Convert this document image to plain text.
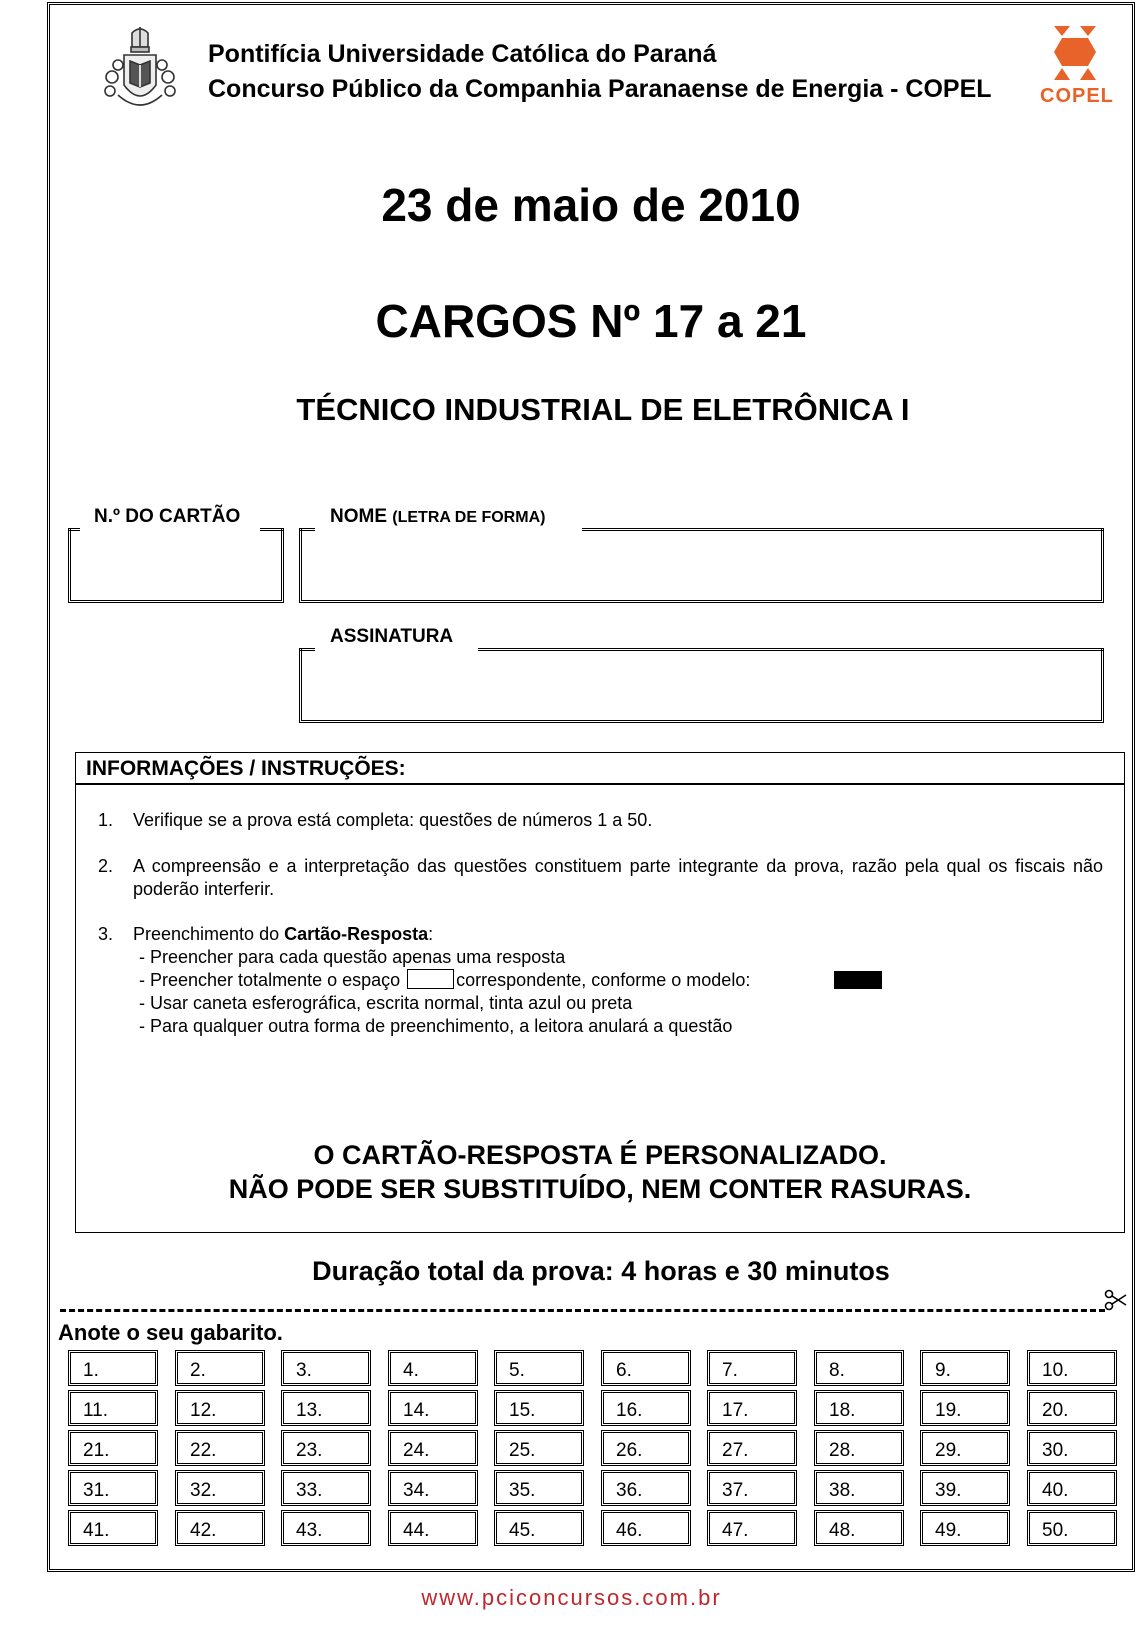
Pontifícia Universidade Católica do Paraná
Concurso Público da Companhia Paranaense de Energia - COPEL COPEL
23 de maio de 2010
CARGOS Nº 17 a 21
TÉCNICO INDUSTRIAL DE ELETRÔNICA I
N.º DO CARTÃO	NOME (LETRA DE FORMA)
ASSINATURA
INFORMAÇÕES / INSTRUÇÕES:
1. Verifique se a prova está completa: questões de números 1 a 50.
2. A compreensão e a interpretação das questões constituem parte integrante da prova, razão pela qual os fiscais não poderão interferir.
3. Preenchimento do Cartão-Resposta:
- Preencher para cada questão apenas uma resposta
- Preencher totalmente o espaço	correspondente, conforme o modelo:
- Usar caneta esferográfica, escrita normal, tinta azul ou preta
- Para qualquer outra forma de preenchimento, a leitora anulará a questão
O CARTÃO-RESPOSTA É PERSONALIZADO.
NÃO PODE SER SUBSTITUÍDO, NEM CONTER RASURAS.
Duração total da prova: 4 horas e 30 minutos
Anote o seu gabarito.
1.	2.	3.	4.	5.	6.	7.	8.	9.	10.
11.	12.	13.	14.	15.	16.	17.	18.	19.	20.
21.	22.	23.	24.	25.	26.	27.	28.	29.	30.
31.	32.	33.	34.	35.	36.	37.	38.	39.	40.
41.	42.	43.	44.	45.	46.	47.	48.	49.	50.
www.pciconcursos.com.br
